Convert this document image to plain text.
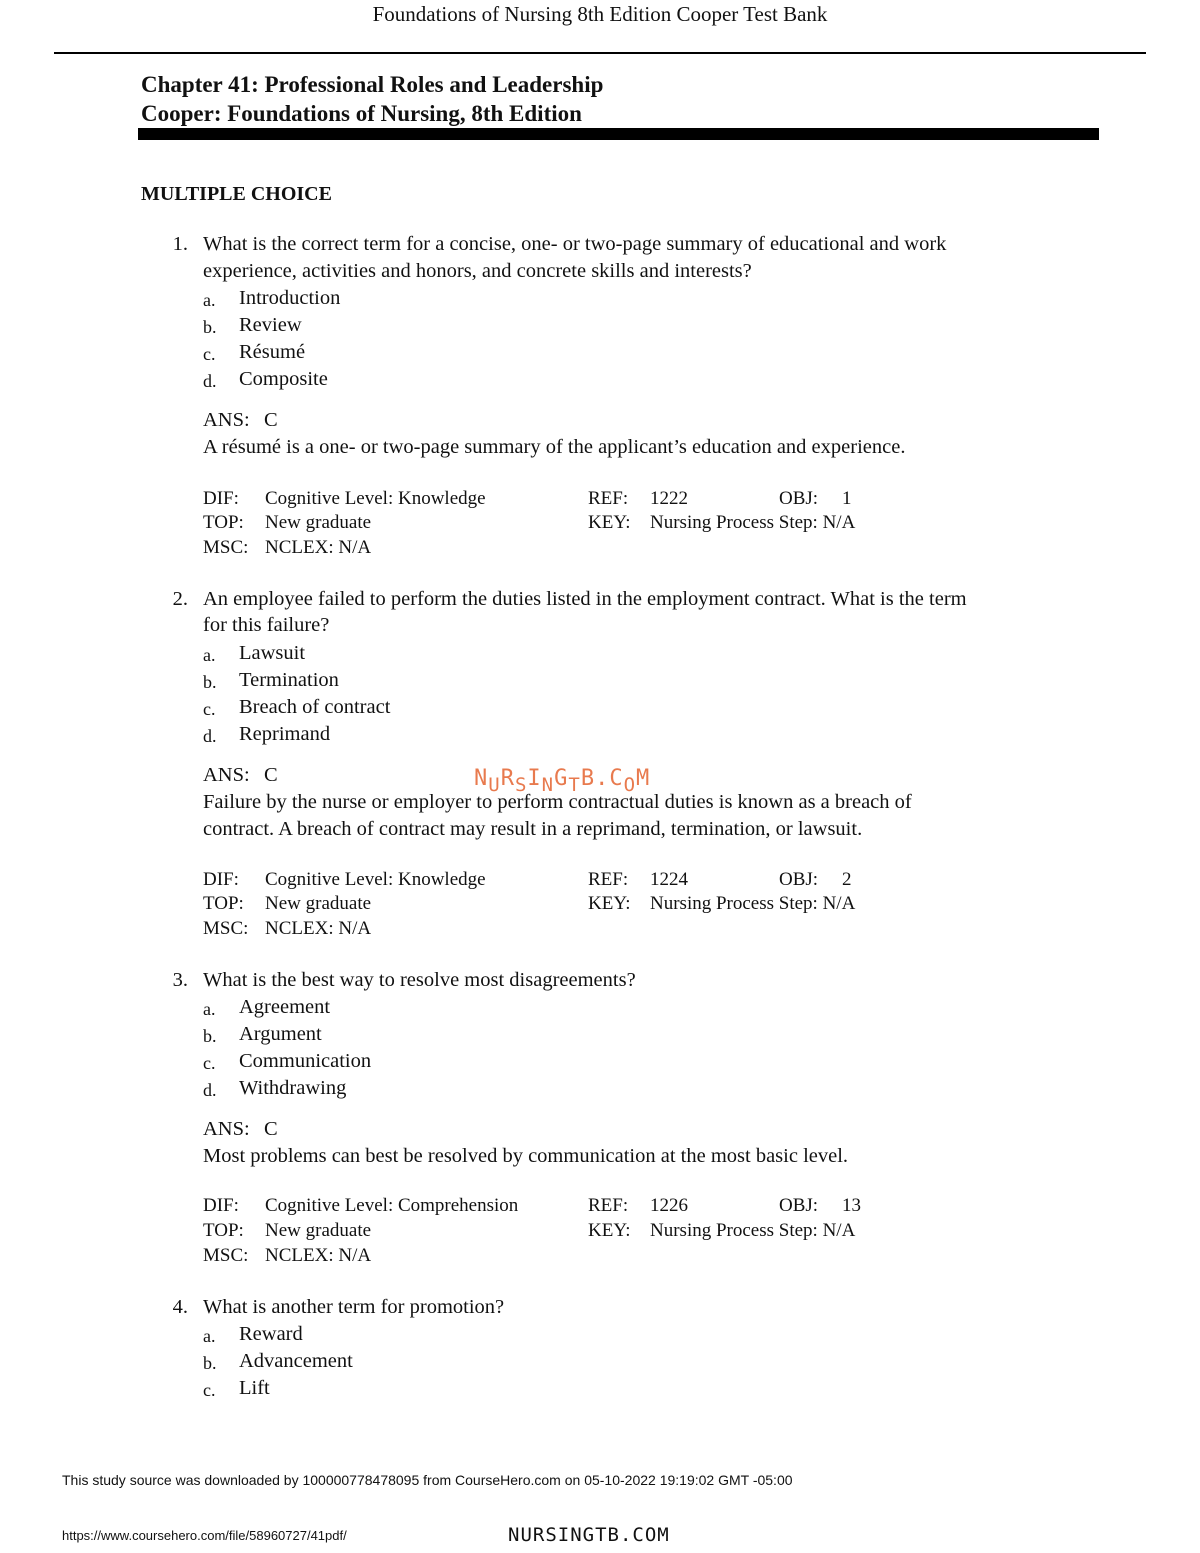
Foundations of Nursing 8th Edition Cooper Test Bank
Chapter 41: Professional Roles and Leadership
Cooper: Foundations of Nursing, 8th Edition
MULTIPLE CHOICE
1. What is the correct term for a concise, one- or two-page summary of educational and work
experience, activities and honors, and concrete skills and interests?
a. Introduction
b. Review
c. Résumé
d. Composite
ANS: C
A résumé is a one- or two-page summary of the applicant’s education and experience.
DIF: Cognitive Level: Knowledge	REF: 1222	OBJ: 1
TOP: New graduate	KEY: Nursing Process Step: N/A
MSC: NCLEX: N/A
2. An employee failed to perform the duties listed in the employment contract. What is the term
for this failure?
a. Lawsuit
b. Termination
c. Breach of contract
d. Reprimand
ANS: C
Failure by the nurse or employer to perform contractual duties is known as a breach of
contract. A breach of contract may result in a reprimand, termination, or lawsuit.
DIF: Cognitive Level: Knowledge	REF: 1224	OBJ: 2
TOP: New graduate	KEY: Nursing Process Step: N/A
MSC: NCLEX: N/A
NURSINGTB.COM
3. What is the best way to resolve most disagreements?
a. Agreement
b. Argument
c. Communication
d. Withdrawing
ANS: C
Most problems can best be resolved by communication at the most basic level.
DIF: Cognitive Level: Comprehension	REF: 1226	OBJ: 13
TOP: New graduate	KEY: Nursing Process Step: N/A
MSC: NCLEX: N/A
4. What is another term for promotion?
a. Reward
b. Advancement
c. Lift
This study source was downloaded by 100000778478095 from CourseHero.com on 05-10-2022 19:19:02 GMT -05:00
https://www.coursehero.com/file/58960727/41pdf/	NURSINGTB.COM
